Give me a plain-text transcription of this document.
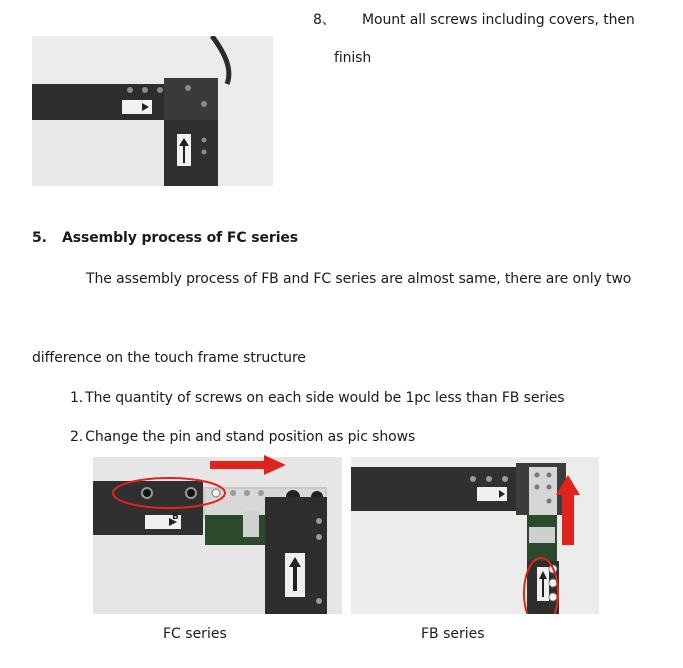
8、 Mount all screws including covers, then
finish
5. Assembly process of FC series
The assembly process of FB and FC series are almost same, there are only two
difference on the touch frame structure
1. The quantity of screws on each side would be 1pc less than FB series
2. Change the pin and stand position as pic shows
B
FC series	FB series
